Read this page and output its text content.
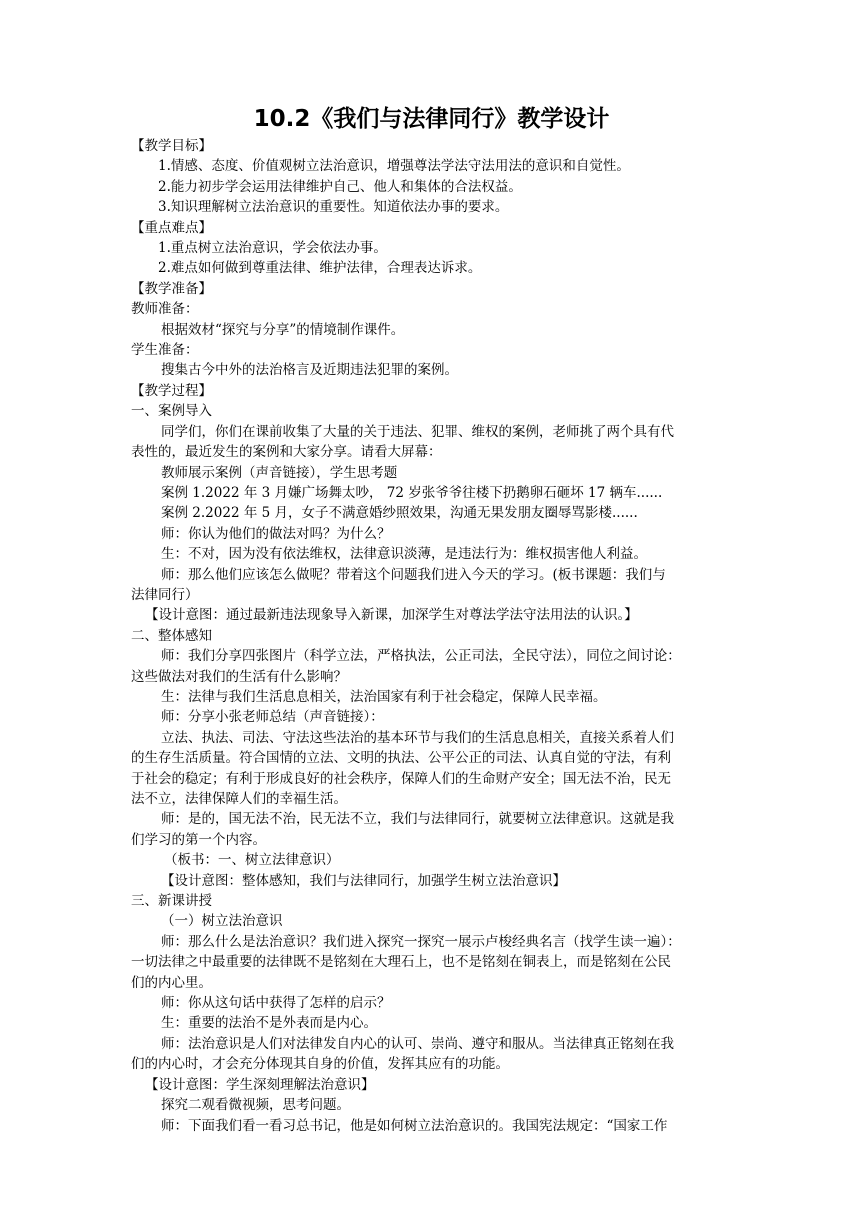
10.2《我们与法律同行》教学设计
【教学目标】
1.情感、态度、价值观树立法治意识，增强尊法学法守法用法的意识和自觉性。
2.能力初步学会运用法律维护自己、他人和集体的合法权益。
3.知识理解树立法治意识的重要性。知道依法办事的要求。
【重点难点】
1.重点树立法治意识，学会依法办事。
2.难点如何做到尊重法律、维护法律，合理表达诉求。
【教学准备】
教师准备：
根据效材“探究与分享”的情境制作课件。
学生准备：
搜集古今中外的法治格言及近期违法犯罪的案例。
【教学过程】
一、案例导入
同学们，你们在课前收集了大量的关于违法、犯罪、维权的案例，老师挑了两个具有代
表性的，最近发生的案例和大家分享。请看大屏幕：
教师展示案例（声音链接），学生思考题
案例 1.2022 年 3 月嫌广场舞太吵， 72 岁张爷爷往楼下扔鹅卵石砸坏 17 辆车......
案例 2.2022 年 5 月，女子不满意婚纱照效果，沟通无果发朋友圈辱骂影楼......
师：你认为他们的做法对吗？为什么？
生：不对，因为没有依法维权，法律意识淡薄，是违法行为：维权损害他人利益。
师：那么他们应该怎么做呢？带着这个问题我们进入今天的学习。(板书课题：我们与
法律同行）
【设计意图：通过最新违法现象导入新课，加深学生对尊法学法守法用法的认识。】
二、整体感知
师：我们分享四张图片（科学立法，严格执法，公正司法，全民守法），同位之间讨论：
这些做法对我们的生活有什么影响？
生：法律与我们生活息息相关，法治国家有利于社会稳定，保障人民幸福。
师：分享小张老师总结（声音链接）：
立法、执法、司法、守法这些法治的基本环节与我们的生活息息相关，直接关系着人们
的生存生活质量。符合国情的立法、文明的执法、公平公正的司法、认真自觉的守法，有利
于社会的稳定；有利于形成良好的社会秩序，保障人们的生命财产安全；国无法不治，民无
法不立，法律保障人们的幸福生活。
师：是的，国无法不治，民无法不立，我们与法律同行，就要树立法律意识。这就是我
们学习的第一个内容。
（板书：一、树立法律意识）
【设计意图：整体感知，我们与法律同行，加强学生树立法治意识】
三、新课讲授
（一）树立法治意识
师：那么什么是法治意识？我们进入探究一探究一展示卢梭经典名言（找学生读一遍）：
一切法律之中最重要的法律既不是铭刻在大理石上，也不是铭刻在铜表上，而是铭刻在公民
们的内心里。
师：你从这句话中获得了怎样的启示？
生：重要的法治不是外表而是内心。
师：法治意识是人们对法律发自内心的认可、崇尚、遵守和服从。当法律真正铭刻在我
们的内心时，才会充分体现其自身的价值，发挥其应有的功能。
【设计意图：学生深刻理解法治意识】
探究二观看微视频，思考问题。
师：下面我们看一看习总书记，他是如何树立法治意识的。我国宪法规定：“国家工作
